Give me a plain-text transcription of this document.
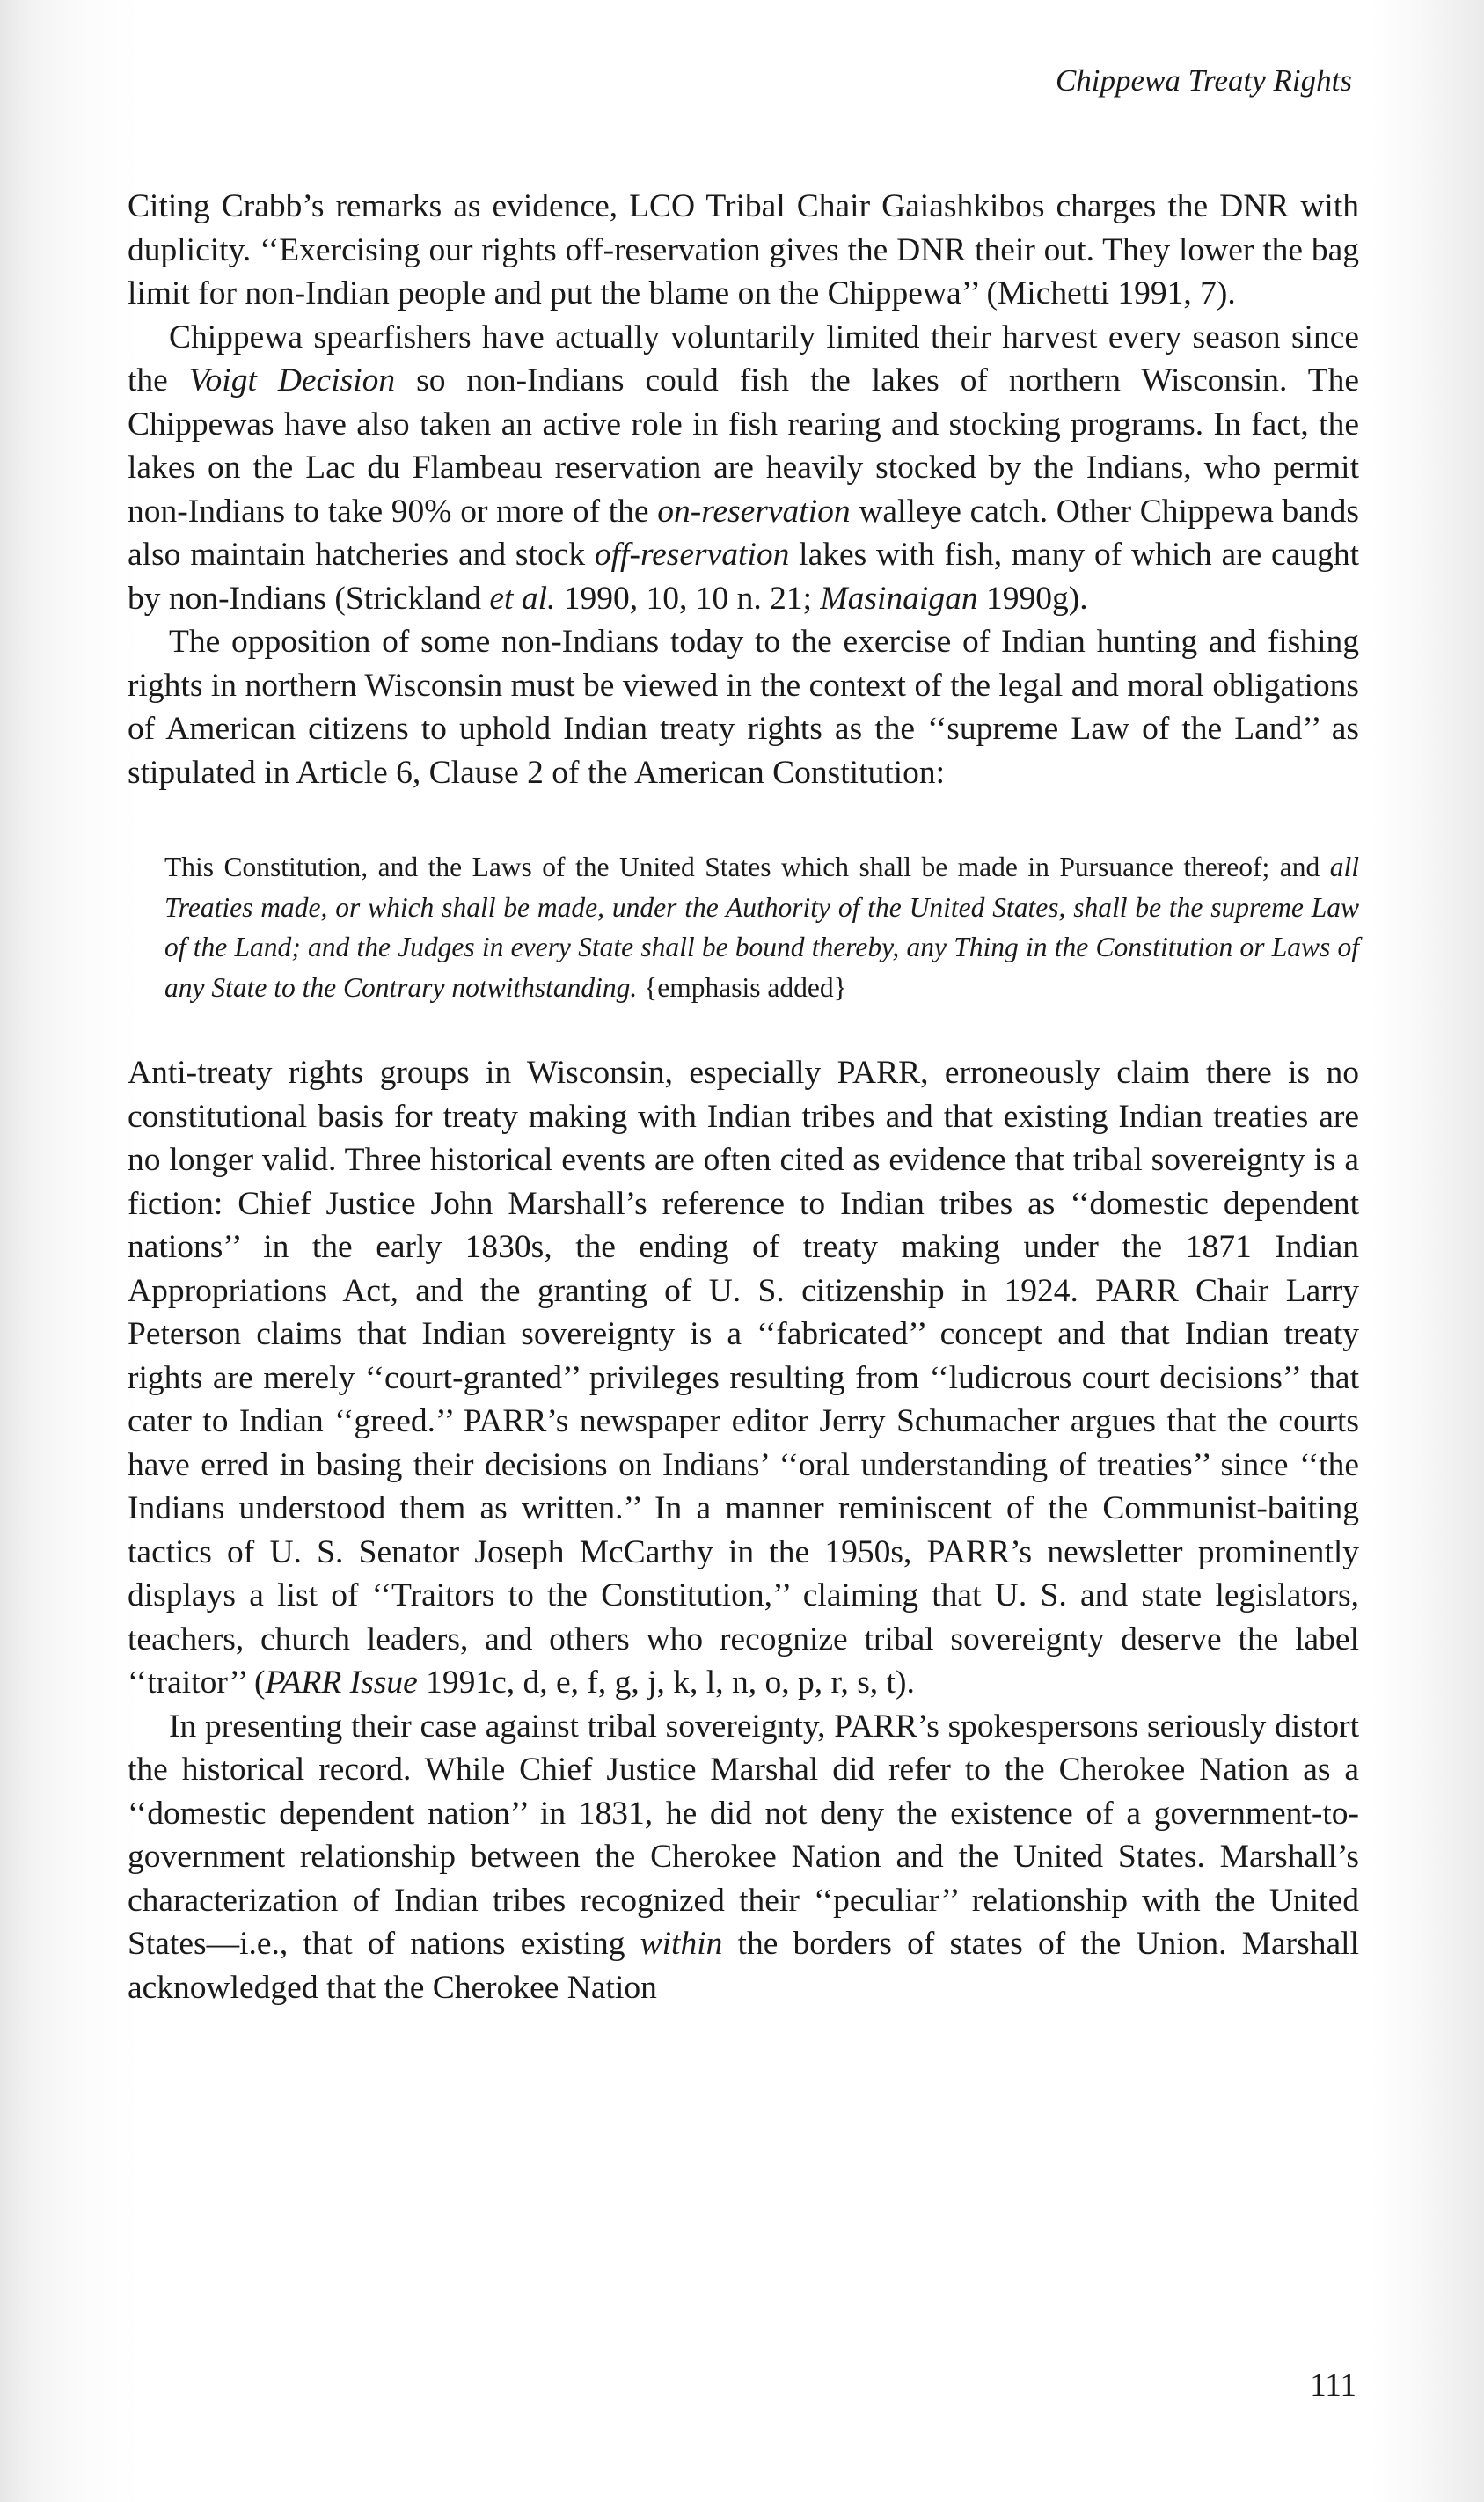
Chippewa Treaty Rights

Citing Crabb’s remarks as evidence, LCO Tribal Chair Gaiashkibos charges the DNR with duplicity. ‘‘Exercising our rights off-reservation gives the DNR their out. They lower the bag limit for non-Indian people and put the blame on the Chippewa’’ (Michetti 1991, 7).

Chippewa spearfishers have actually voluntarily limited their harvest every season since the Voigt Decision so non-Indians could fish the lakes of northern Wisconsin. The Chippewas have also taken an active role in fish rearing and stocking programs. In fact, the lakes on the Lac du Flambeau reservation are heavily stocked by the Indians, who permit non-Indians to take 90% or more of the on-reservation walleye catch. Other Chippewa bands also maintain hatcheries and stock off-reservation lakes with fish, many of which are caught by non-Indians (Strickland et al. 1990, 10, 10 n. 21; Masinaigan 1990g).

The opposition of some non-Indians today to the exercise of Indian hunting and fishing rights in northern Wisconsin must be viewed in the context of the legal and moral obligations of American citizens to uphold Indian treaty rights as the ‘‘supreme Law of the Land’’ as stipulated in Article 6, Clause 2 of the American Constitution:

This Constitution, and the Laws of the United States which shall be made in Pursuance thereof; and all Treaties made, or which shall be made, under the Authority of the United States, shall be the supreme Law of the Land; and the Judges in every State shall be bound thereby, any Thing in the Constitution or Laws of any State to the Contrary notwithstanding. {emphasis added}

Anti-treaty rights groups in Wisconsin, especially PARR, erroneously claim there is no constitutional basis for treaty making with Indian tribes and that existing Indian treaties are no longer valid. Three historical events are often cited as evidence that tribal sovereignty is a fiction: Chief Justice John Marshall’s reference to Indian tribes as ‘‘domestic dependent nations’’ in the early 1830s, the ending of treaty making under the 1871 Indian Appropriations Act, and the granting of U. S. citizenship in 1924. PARR Chair Larry Peterson claims that Indian sovereignty is a ‘‘fabricated’’ concept and that Indian treaty rights are merely ‘‘court-granted’’ privileges resulting from ‘‘ludicrous court decisions’’ that cater to Indian ‘‘greed.’’ PARR’s newspaper editor Jerry Schumacher argues that the courts have erred in basing their decisions on Indians’ ‘‘oral understanding of treaties’’ since ‘‘the Indians understood them as written.’’ In a manner reminiscent of the Communist-baiting tactics of U. S. Senator Joseph McCarthy in the 1950s, PARR’s newsletter prominently displays a list of ‘‘Traitors to the Constitution,’’ claiming that U. S. and state legislators, teachers, church leaders, and others who recognize tribal sovereignty deserve the label ‘‘traitor’’ (PARR Issue 1991c, d, e, f, g, j, k, l, n, o, p, r, s, t).

In presenting their case against tribal sovereignty, PARR’s spokespersons seriously distort the historical record. While Chief Justice Marshal did refer to the Cherokee Nation as a ‘‘domestic dependent nation’’ in 1831, he did not deny the existence of a government-to-government relationship between the Cherokee Nation and the United States. Marshall’s characterization of Indian tribes recognized their ‘‘peculiar’’ relationship with the United States—i.e., that of nations existing within the borders of states of the Union. Marshall acknowledged that the Cherokee Nation

111
